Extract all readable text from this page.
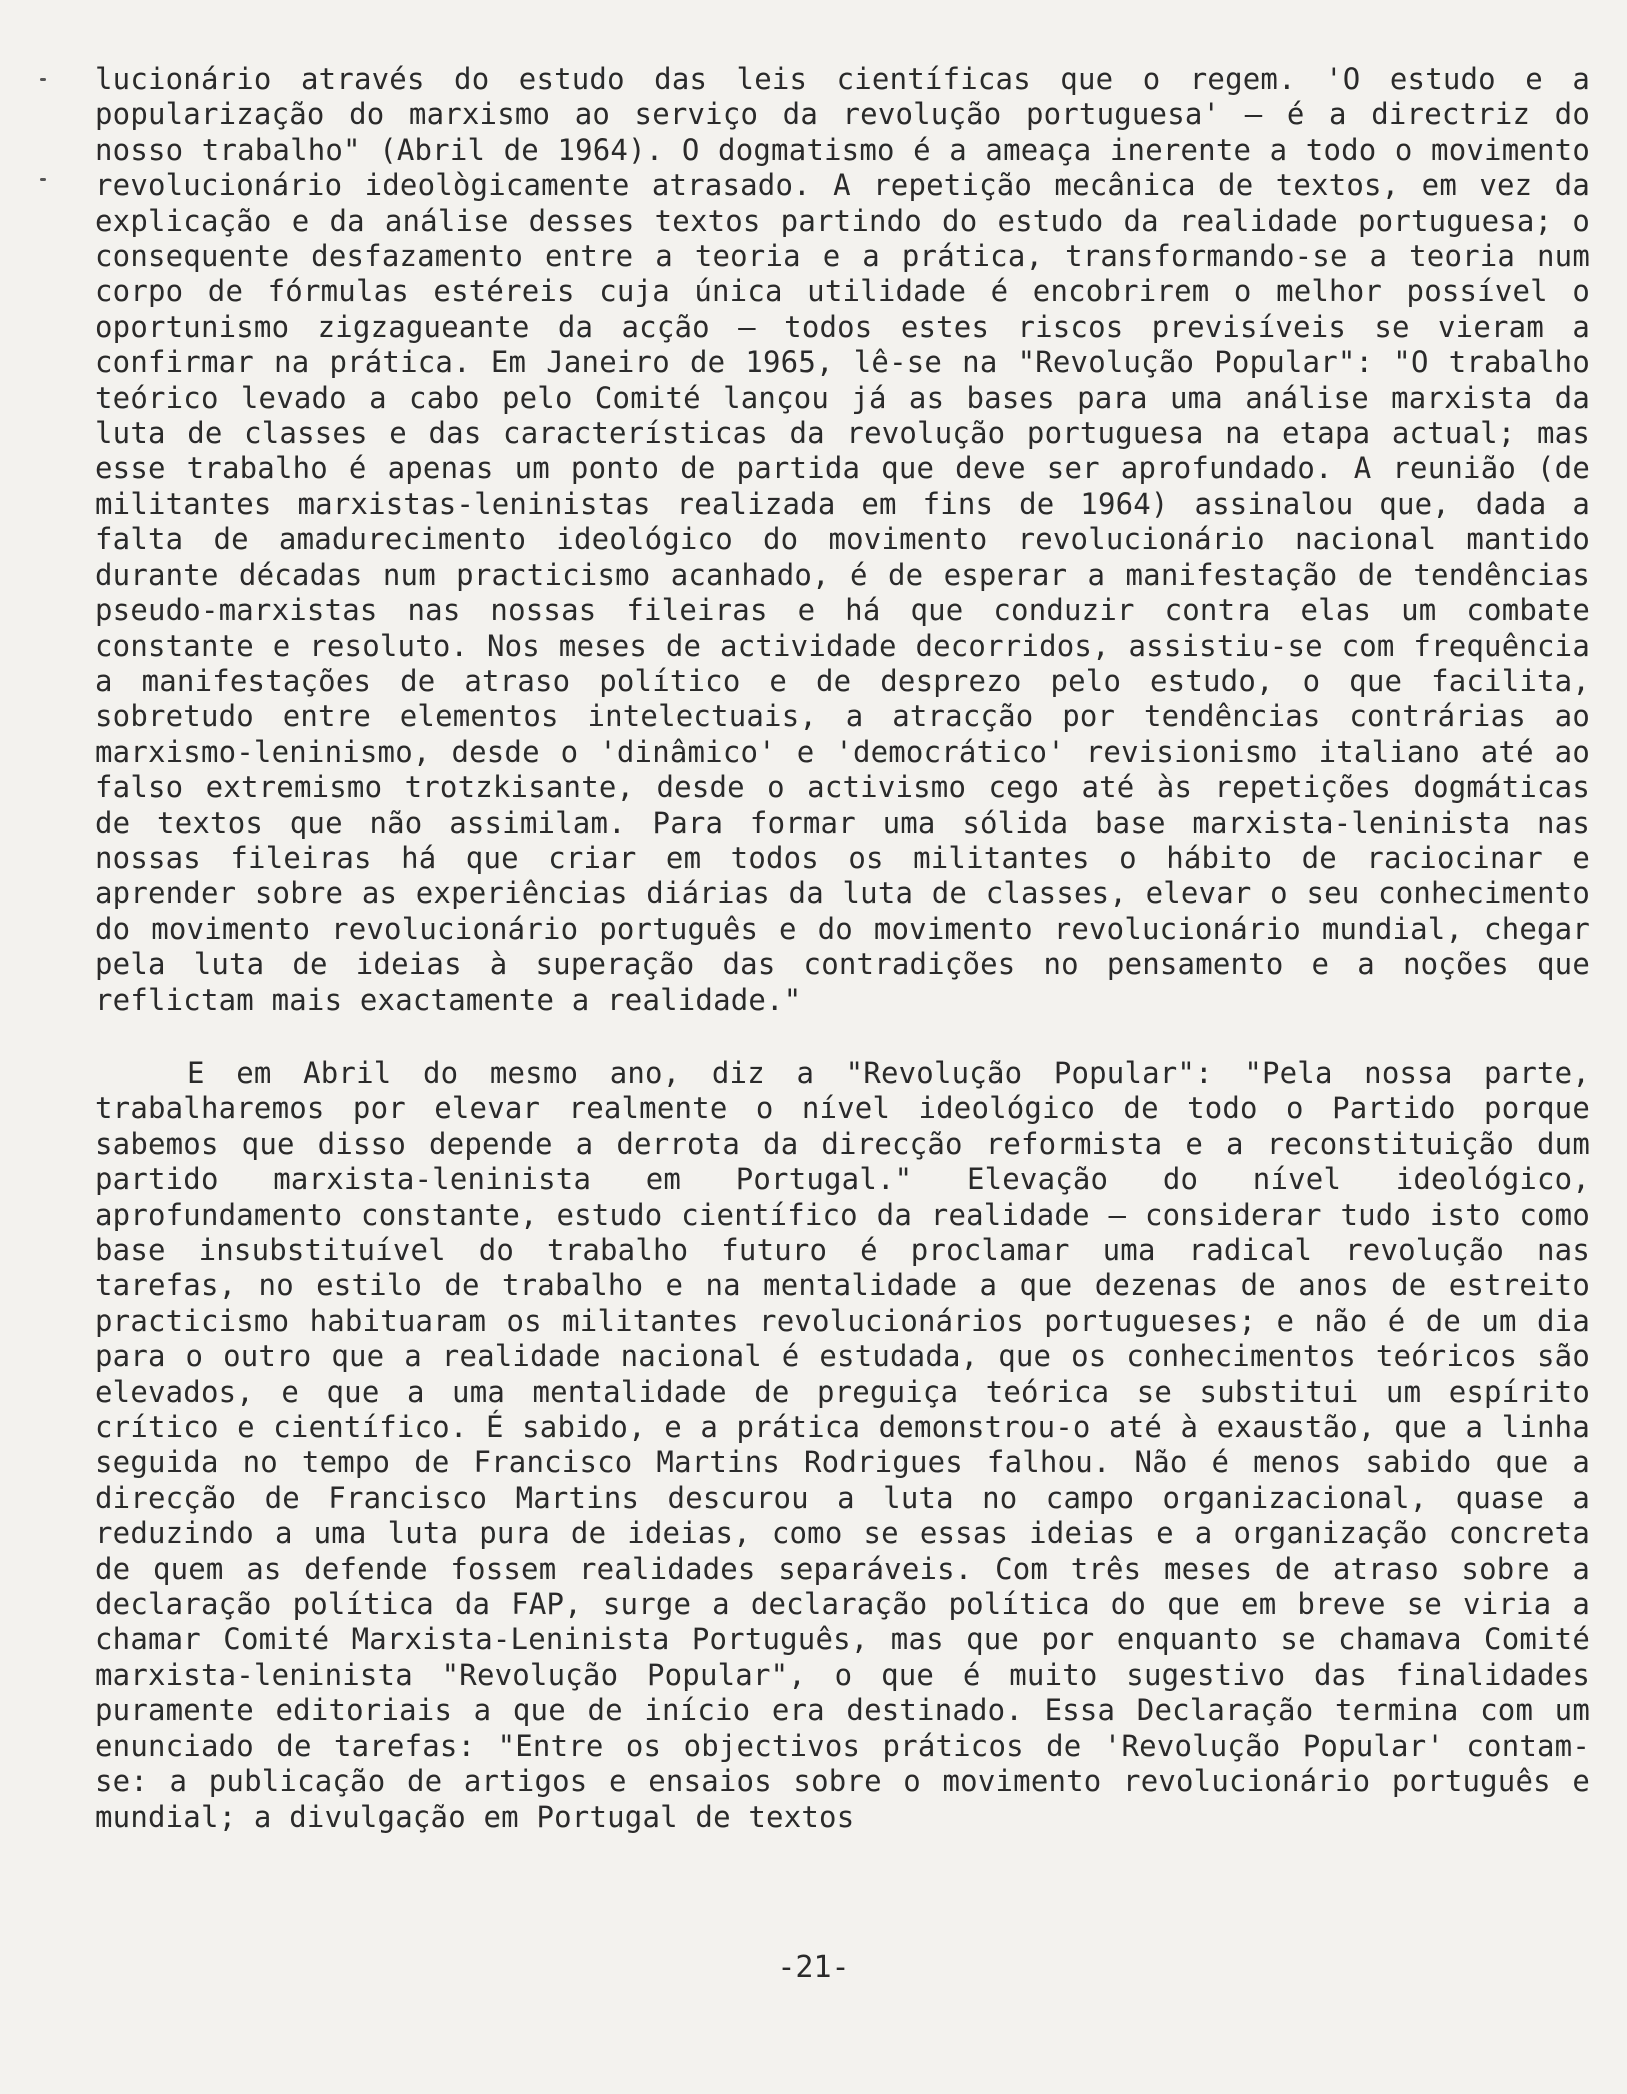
lucionário através do estudo das leis científicas que o regem. 'O estudo e a popularização do marxismo ao serviço da revolução portuguesa' — é a directriz do nosso trabalho" (Abril de 1964). O dogmatismo é a ameaça inerente a todo o movimento revolucionário ideològicamente atrasado. A repetição mecânica de textos, em vez da explicação e da análise desses textos partindo do estudo da realidade portuguesa; o consequente desfazamento entre a teoria e a prática, transformando-se a teoria num corpo de fórmulas estéreis cuja única utilidade é encobrirem o melhor possível o oportunismo zigzagueante da acção — todos estes riscos previsíveis se vieram a confirmar na prática. Em Janeiro de 1965, lê-se na "Revolução Popular": "O trabalho teórico levado a cabo pelo Comité lançou já as bases para uma análise marxista da luta de classes e das características da revolução portuguesa na etapa actual; mas esse trabalho é apenas um ponto de partida que deve ser aprofundado. A reunião (de militantes marxistas-leninistas realizada em fins de 1964) assinalou que, dada a falta de amadurecimento ideológico do movimento revolucionário nacional mantido durante décadas num practicismo acanhado, é de esperar a manifestação de tendências pseudo-marxistas nas nossas fileiras e há que conduzir contra elas um combate constante e resoluto. Nos meses de actividade decorridos, assistiu-se com frequência a manifestações de atraso político e de desprezo pelo estudo, o que facilita, sobretudo entre elementos intelectuais, a atracção por tendências contrárias ao marxismo-leninismo, desde o 'dinâmico' e 'democrático' revisionismo italiano até ao falso extremismo trotzkisante, desde o activismo cego até às repetições dogmáticas de textos que não assimilam. Para formar uma sólida base marxista-leninista nas nossas fileiras há que criar em todos os militantes o hábito de raciocinar e aprender sobre as experiências diárias da luta de classes, elevar o seu conhecimento do movimento revolucionário português e do movimento revolucionário mundial, chegar pela luta de ideias à superação das contradições no pensamento e a noções que reflictam mais exactamente a realidade."

E em Abril do mesmo ano, diz a "Revolução Popular": "Pela nossa parte, trabalharemos por elevar realmente o nível ideológico de todo o Partido porque sabemos que disso depende a derrota da direcção reformista e a reconstituição dum partido marxista-leninista em Portugal." Elevação do nível ideológico, aprofundamento constante, estudo científico da realidade — considerar tudo isto como base insubstituível do trabalho futuro é proclamar uma radical revolução nas tarefas, no estilo de trabalho e na mentalidade a que dezenas de anos de estreito practicismo habituaram os militantes revolucionários portugueses; e não é de um dia para o outro que a realidade nacional é estudada, que os conhecimentos teóricos são elevados, e que a uma mentalidade de preguiça teórica se substitui um espírito crítico e científico. É sabido, e a prática demonstrou-o até à exaustão, que a linha seguida no tempo de Francisco Martins Rodrigues falhou. Não é menos sabido que a direcção de Francisco Martins descurou a luta no campo organizacional, quase a reduzindo a uma luta pura de ideias, como se essas ideias e a organização concreta de quem as defende fossem realidades separáveis. Com três meses de atraso sobre a declaração política da FAP, surge a declaração política do que em breve se viria a chamar Comité Marxista-Leninista Português, mas que por enquanto se chamava Comité marxista-leninista "Revolução Popular", o que é muito sugestivo das finalidades puramente editoriais a que de início era destinado. Essa Declaração termina com um enunciado de tarefas: "Entre os objectivos práticos de 'Revolução Popular' contam-se: a publicação de artigos e ensaios sobre o movimento revolucionário português e mundial; a divulgação em Portugal de textos

-21-
